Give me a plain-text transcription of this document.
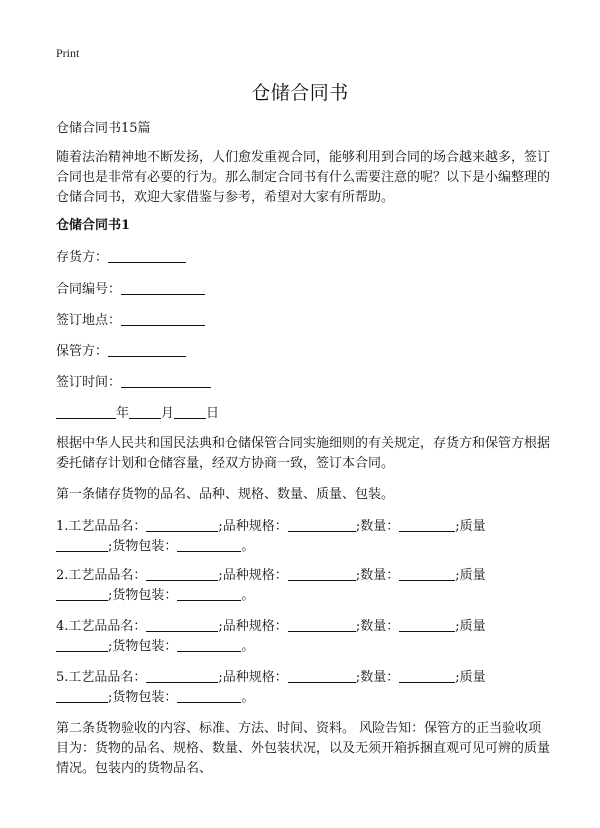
Print
仓储合同书
仓储合同书15篇
随着法治精神地不断发扬，人们愈发重视合同，能够利用到合同的场合越来越多，签订合同也是非常有必要的行为。那么制定合同书有什么需要注意的呢？以下是小编整理的仓储合同书，欢迎大家借鉴与参考，希望对大家有所帮助。
仓储合同书1
存货方：
合同编号：
签订地点：
保管方：
签订时间：
年 月 日
根据中华人民共和国民法典和仓储保管合同实施细则的有关规定，存货方和保管方根据委托储存计划和仓储容量，经双方协商一致，签订本合同。
第一条储存货物的品名、品种、规格、数量、质量、包装。
1.工艺品品名：	;品种规格：	;数量：	;质量
;货物包装：	。
2.工艺品品名：	;品种规格：	;数量：	;质量
;货物包装：	。
4.工艺品品名：	;品种规格：	;数量：	;质量
;货物包装：	。
5.工艺品品名：	;品种规格：	;数量：	;质量
;货物包装：	。
第二条货物验收的内容、标准、方法、时间、资料。 风险告知：保管方的正当验收项目为：货物的品名、规格、数量、外包装状况，以及无须开箱拆捆直观可见可辨的质量情况。包装内的货物品名、
